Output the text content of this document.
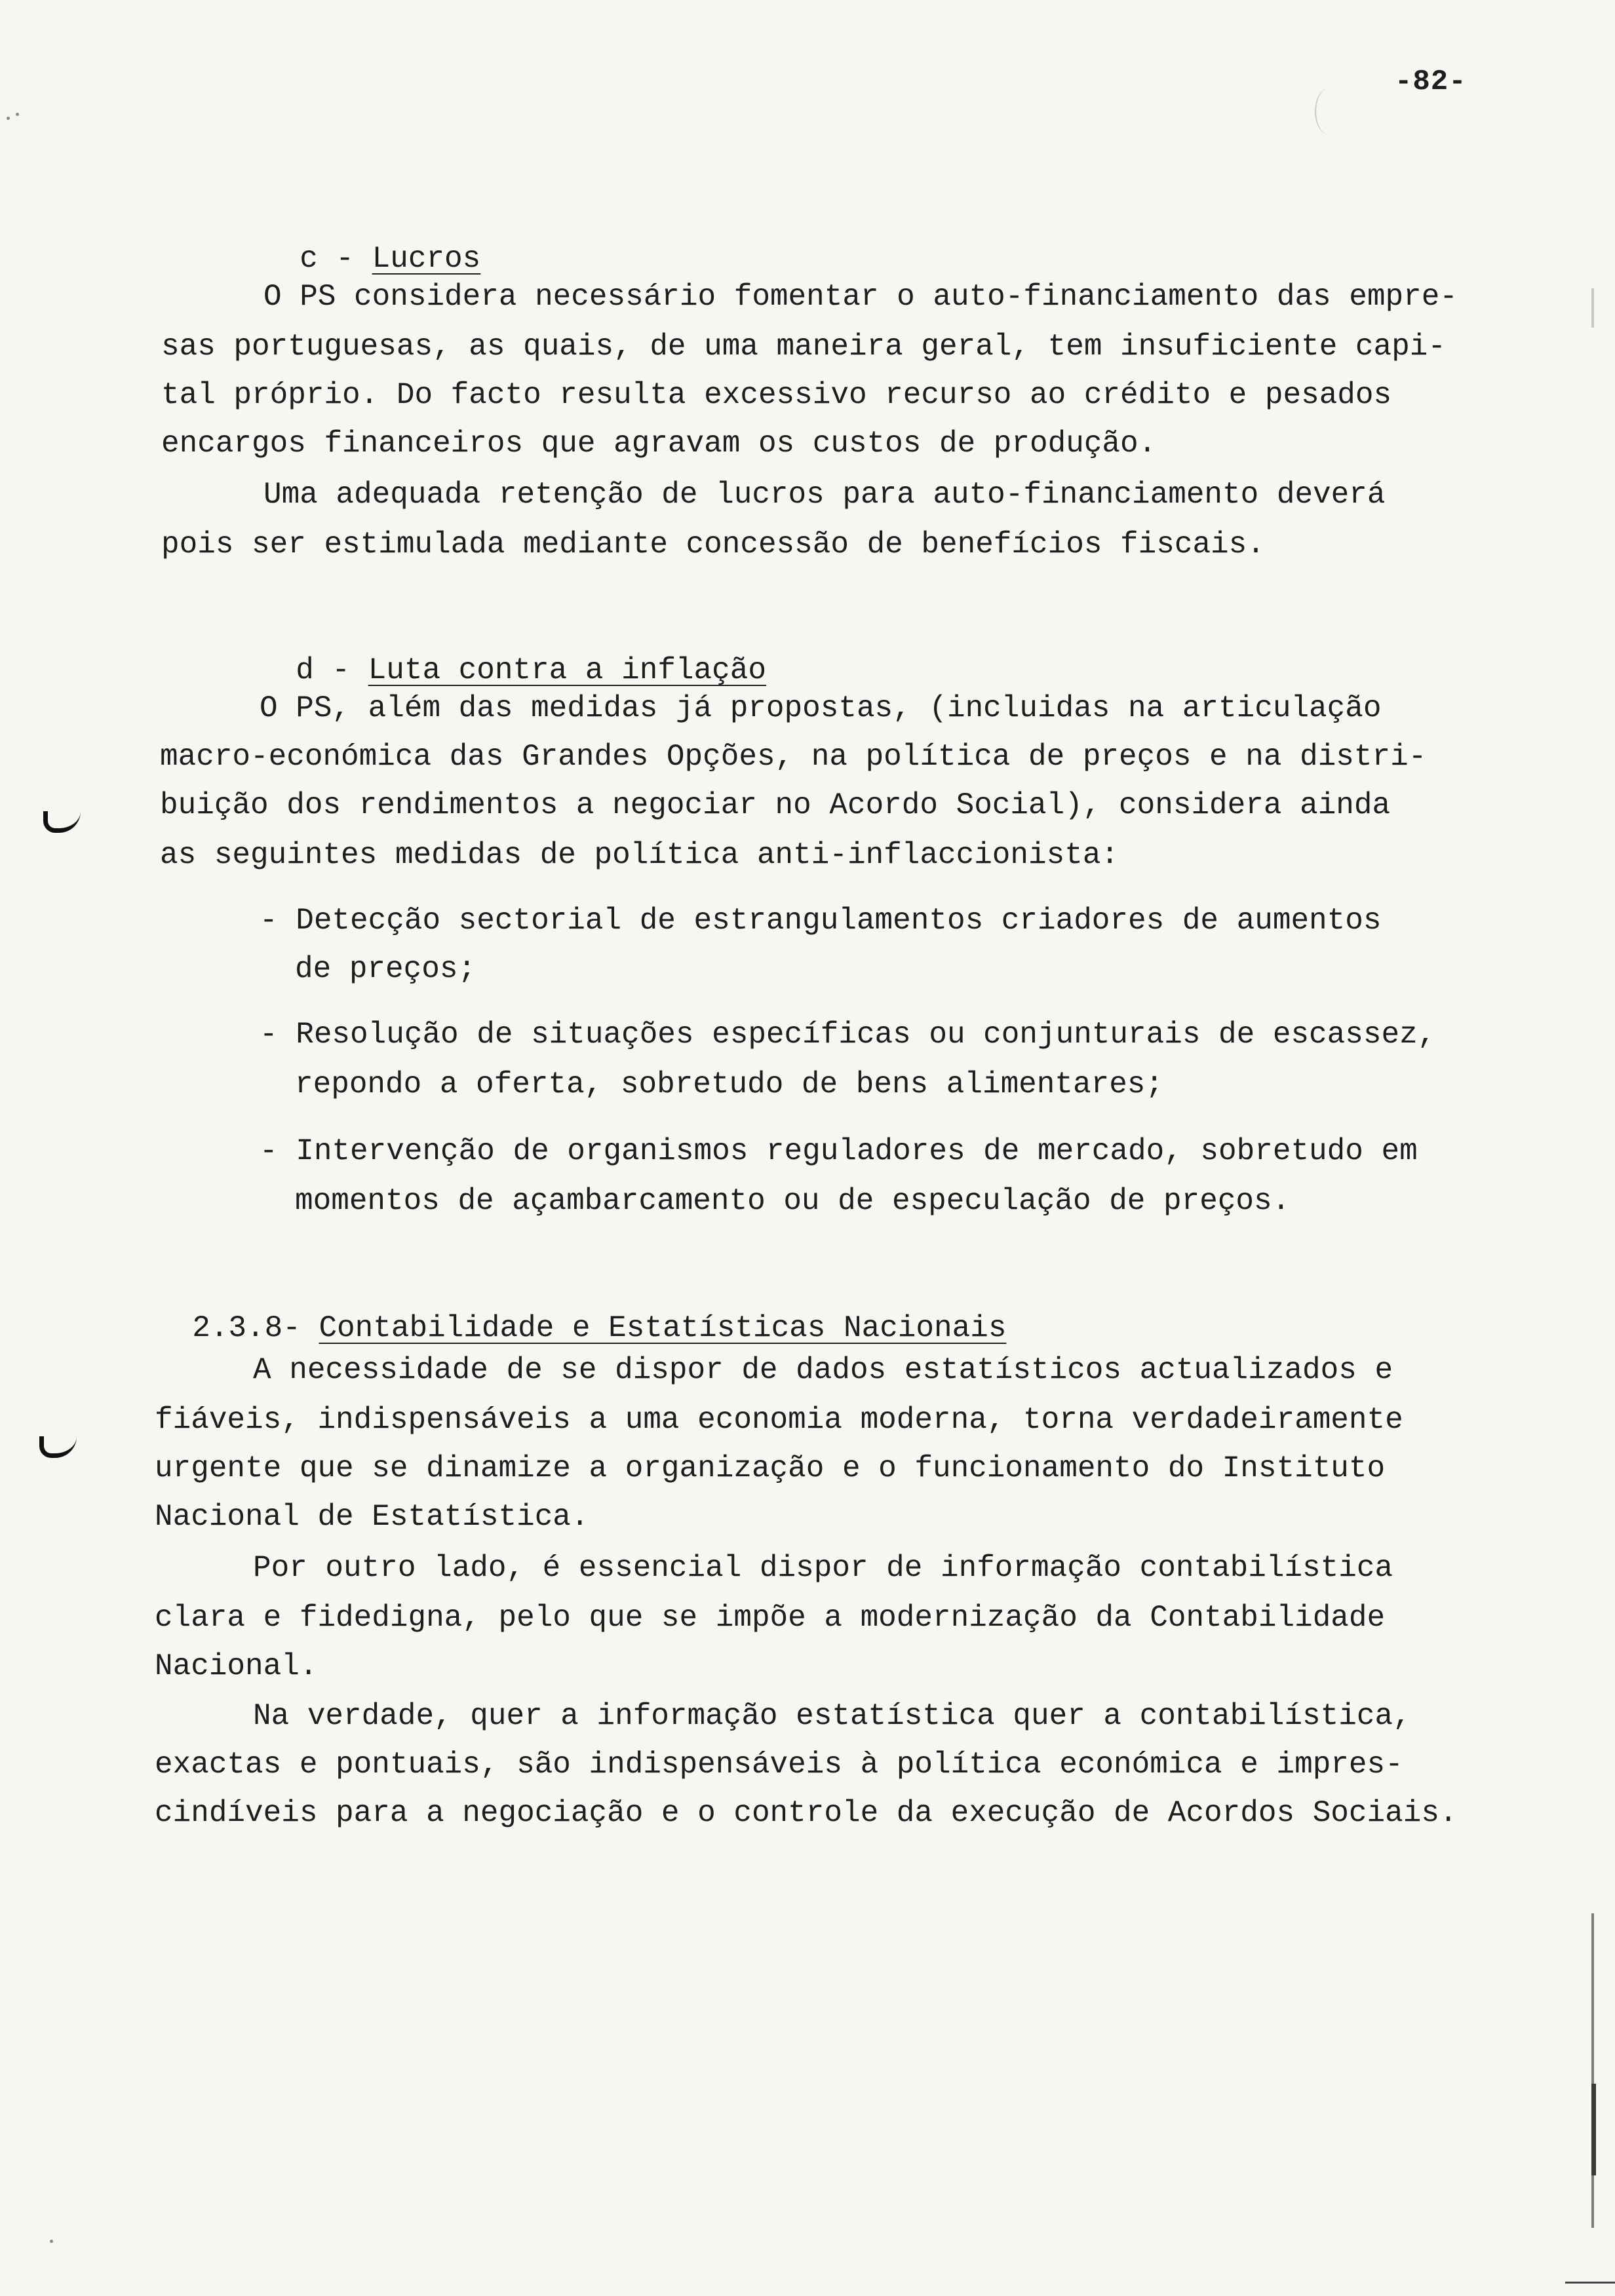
-82-

c - Lucros

O PS considera necessário fomentar o auto-financiamento das empre-
sas portuguesas, as quais, de uma maneira geral, tem insuficiente capi-
tal próprio. Do facto resulta excessivo recurso ao crédito e pesados
encargos financeiros que agravam os custos de produção.
Uma adequada retenção de lucros para auto-financiamento deverá
pois ser estimulada mediante concessão de benefícios fiscais.

d - Luta contra a inflação

O PS, além das medidas já propostas, (incluidas na articulação
macro-económica das Grandes Opções, na política de preços e na distri-
buição dos rendimentos a negociar no Acordo Social), considera ainda
as seguintes medidas de política anti-inflaccionista:
- Detecção sectorial de estrangulamentos criadores de aumentos
de preços;
- Resolução de situações específicas ou conjunturais de escassez,
repondo a oferta, sobretudo de bens alimentares;
- Intervenção de organismos reguladores de mercado, sobretudo em
momentos de açambarcamento ou de especulação de preços.

2.3.8- Contabilidade e Estatísticas Nacionais

A necessidade de se dispor de dados estatísticos actualizados e
fiáveis, indispensáveis a uma economia moderna, torna verdadeiramente
urgente que se dinamize a organização e o funcionamento do Instituto
Nacional de Estatística.
Por outro lado, é essencial dispor de informação contabilística
clara e fidedigna, pelo que se impõe a modernização da Contabilidade
Nacional.
Na verdade, quer a informação estatística quer a contabilística,
exactas e pontuais, são indispensáveis à política económica e impres-
cindíveis para a negociação e o controle da execução de Acordos Sociais.
